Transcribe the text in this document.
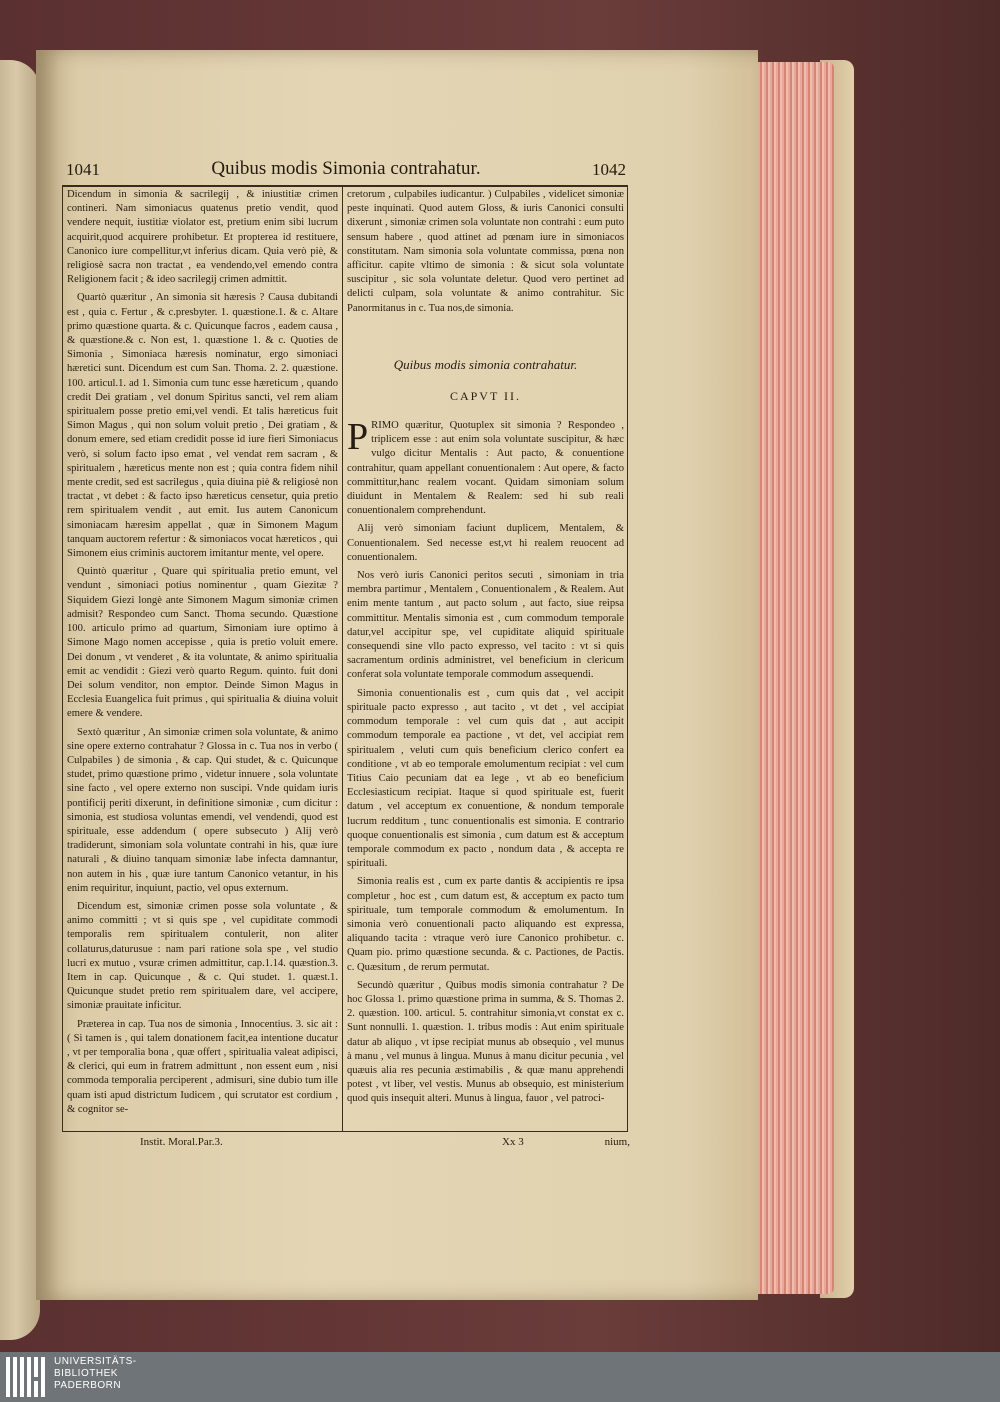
1041	Quibus modis Simonia contrahatur.	1042

Dicendum in simonia & sacrilegij , & iniustitiæ crimen contineri. Nam simoniacus quatenus pretio vendit, quod vendere nequit, iustitiæ violator est, pretium enim sibi lucrum acquirit,quod acquirere prohibetur. Et propterea id restituere, Canonico iure compellitur,vt inferius dicam. Quia verò piè, & religiosè sacra non tractat , ea vendendo,vel emendo contra Religionem facit ; & ideo sacrilegij crimen admittit.

Quartò quæritur , An simonia sit hæresis ? Causa dubitandi est , quia c. Fertur , & c.presbyter. 1. quæstione.1. & c. Altare primo quæstione quarta. & c. Quicunque facros , eadem causa , & quæstione.& c. Non est, 1. quæstione 1. & c. Quoties de Simonia , Simoniaca hæresis nominatur, ergo simoniaci hæretici sunt. Dicendum est cum San. Thoma. 2. 2. quæstione. 100. articul.1. ad 1. Simonia cum tunc esse hæreticum , quando credit Dei gratiam , vel donum Spiritus sancti, vel rem aliam spiritualem posse pretio emi,vel vendi. Et talis hæreticus fuit Simon Magus , qui non solum voluit pretio , Dei gratiam , & donum emere, sed etiam credidit posse id iure fieri Simoniacus verò, si solum facto ipso emat , vel vendat rem sacram , & spiritualem , hæreticus mente non est ; quia contra fidem nihil mente credit, sed est sacrilegus , quia diuina piè & religiosè non tractat , vt debet : & facto ipso hæreticus censetur, quia pretio rem spiritualem vendit , aut emit. Ius autem Canonicum simoniacam hæresim appellat , quæ in Simonem Magum tanquam auctorem refertur : & simoniacos vocat hæreticos , qui Simonem eius criminis auctorem imitantur mente, vel opere.

Quintò quæritur , Quare qui spiritualia pretio emunt, vel vendunt , simoniaci potius nominentur , quam Giezitæ ? Siquidem Giezi longè ante Simonem Magum simoniæ crimen admisit? Respondeo cum Sanct. Thoma secundo. Quæstione 100. articulo primo ad quartum, Simoniam iure optimo à Simone Mago nomen accepisse , quia is pretio voluit emere. Dei donum , vt venderet , & ita voluntate, & animo spiritualia emit ac vendidit : Giezi verò quarto Regum. quinto. fuit doni Dei solum venditor, non emptor. Deinde Simon Magus in Ecclesia Euangelica fuit primus , qui spiritualia & diuina voluit emere & vendere.

Sextò quæritur , An simoniæ crimen sola voluntate, & animo sine opere externo contrahatur ? Glossa in c. Tua nos in verbo ( Culpabiles ) de simonia , & cap. Qui studet, & c. Quicunque studet, primo quæstione primo , videtur innuere , sola voluntate sine facto , vel opere externo non suscipi. Vnde quidam iuris pontificij periti dixerunt, in definitione simoniæ , cum dicitur : simonia, est studiosa voluntas emendi, vel vendendi, quod est spirituale, esse addendum ( opere subsecuto ) Alij verò tradiderunt, simoniam sola voluntate contrahi in his, quæ iure naturali , & diuino tanquam simoniæ labe infecta damnantur, non autem in his , quæ iure tantum Canonico vetantur, in his enim requiritur, inquiunt, pactio, vel opus externum.

Dicendum est, simoniæ crimen posse sola voluntate , & animo committi ; vt si quis spe , vel cupiditate commodi temporalis rem spiritualem contulerit, non aliter collaturus,daturusue : nam pari ratione sola spe , vel studio lucri ex mutuo , vsuræ crimen admittitur, cap.1.14. quæstion.3. Item in cap. Quicunque , & c. Qui studet. 1. quæst.1. Quicunque studet pretio rem spiritualem dare, vel accipere, simoniæ prauitate inficitur.

Præterea in cap. Tua nos de simonia , Innocentius. 3. sic ait : ( Si tamen is , qui talem donationem facit,ea intentione ducatur , vt per temporalia bona , quæ offert , spiritualia valeat adipisci, & clerici, qui eum in fratrem admittunt , non essent eum , nisi commoda temporalia perciperent , admisuri, sine dubio tum ille quam isti apud districtum Iudicem , qui scrutator est cordium , & cognitor se-

cretorum , culpabiles iudicantur. ) Culpabiles , videlicet simoniæ peste inquinati. Quod autem Gloss, & iuris Canonici consulti dixerunt , simoniæ crimen sola voluntate non contrahi : eum puto sensum habere , quod attinet ad pœnam iure in simoniacos constitutam. Nam simonia sola voluntate commissa, pœna non afficitur. capite vltimo de simonia : & sicut sola voluntate suscipitur , sic sola voluntate deletur. Quod vero pertinet ad delicti culpam, sola voluntate & animo contrahitur. Sic Panormitanus in c. Tua nos,de simonia.

Quibus modis simonia contrahatur.
CAPVT II.

PRIMO quæritur, Quotuplex sit simonia ? Respondeo , triplicem esse : aut enim sola voluntate suscipitur, & hæc vulgo dicitur Mentalis : Aut pacto, & conuentione contrahitur, quam appellant conuentionalem : Aut opere, & facto committitur,hanc realem vocant. Quidam simoniam solum diuidunt in Mentalem & Realem: sed hi sub reali conuentionalem comprehendunt.

Alij verò simoniam faciunt duplicem, Mentalem, & Conuentionalem. Sed necesse est,vt hi realem reuocent ad conuentionalem.

Nos verò iuris Canonici peritos secuti , simoniam in tria membra partimur , Mentalem , Conuentionalem , & Realem. Aut enim mente tantum , aut pacto solum , aut facto, siue reipsa committitur. Mentalis simonia est , cum commodum temporale datur,vel accipitur spe, vel cupiditate aliquid spirituale consequendi sine vllo pacto expresso, vel tacito : vt si quis sacramentum ordinis administret, vel beneficium in clericum conferat sola voluntate temporale commodum assequendi.

Simonia conuentionalis est , cum quis dat , vel accipit spirituale pacto expresso , aut tacito , vt det , vel accipiat commodum temporale : vel cum quis dat , aut accipit commodum temporale ea pactione , vt det, vel accipiat rem spiritualem , veluti cum quis beneficium clerico confert ea conditione , vt ab eo temporale emolumentum recipiat : vel cum Titius Caio pecuniam dat ea lege , vt ab eo beneficium Ecclesiasticum recipiat. Itaque si quod spirituale est, fuerit datum , vel acceptum ex conuentione, & nondum temporale lucrum redditum , tunc conuentionalis est simonia. E contrario quoque conuentionalis est simonia , cum datum est & acceptum temporale commodum ex pacto , nondum data , & accepta re spirituali.

Simonia realis est , cum ex parte dantis & accipientis re ipsa completur , hoc est , cum datum est, & acceptum ex pacto tum spirituale, tum temporale commodum & emolumentum. In simonia verò conuentionali pacto aliquando est expressa, aliquando tacita : vtraque verò iure Canonico prohibetur. c. Quam pio. primo quæstione secunda. & c. Pactiones, de Pactis. c. Quæsitum , de rerum permutat.

Secundò quæritur , Quibus modis simonia contrahatur ? De hoc Glossa 1. primo quæstione prima in summa, & S. Thomas 2. 2. quæstion. 100. articul. 5. contrahitur simonia,vt constat ex c. Sunt nonnulli. 1. quæstion. 1. tribus modis : Aut enim spirituale datur ab aliquo , vt ipse recipiat munus ab obsequio , vel munus à manu , vel munus à lingua. Munus à manu dicitur pecunia , vel quæuis alia res pecunia æstimabilis , & quæ manu apprehendi potest , vt liber, vel vestis. Munus ab obsequio, est ministerium quod quis insequit alteri. Munus à lingua, fauor , vel patroci-

Instit. Moral.Par.3.	Xx 3	nium,
UNIVERSITÄTS-
BIBLIOTHEK
PADERBORN
